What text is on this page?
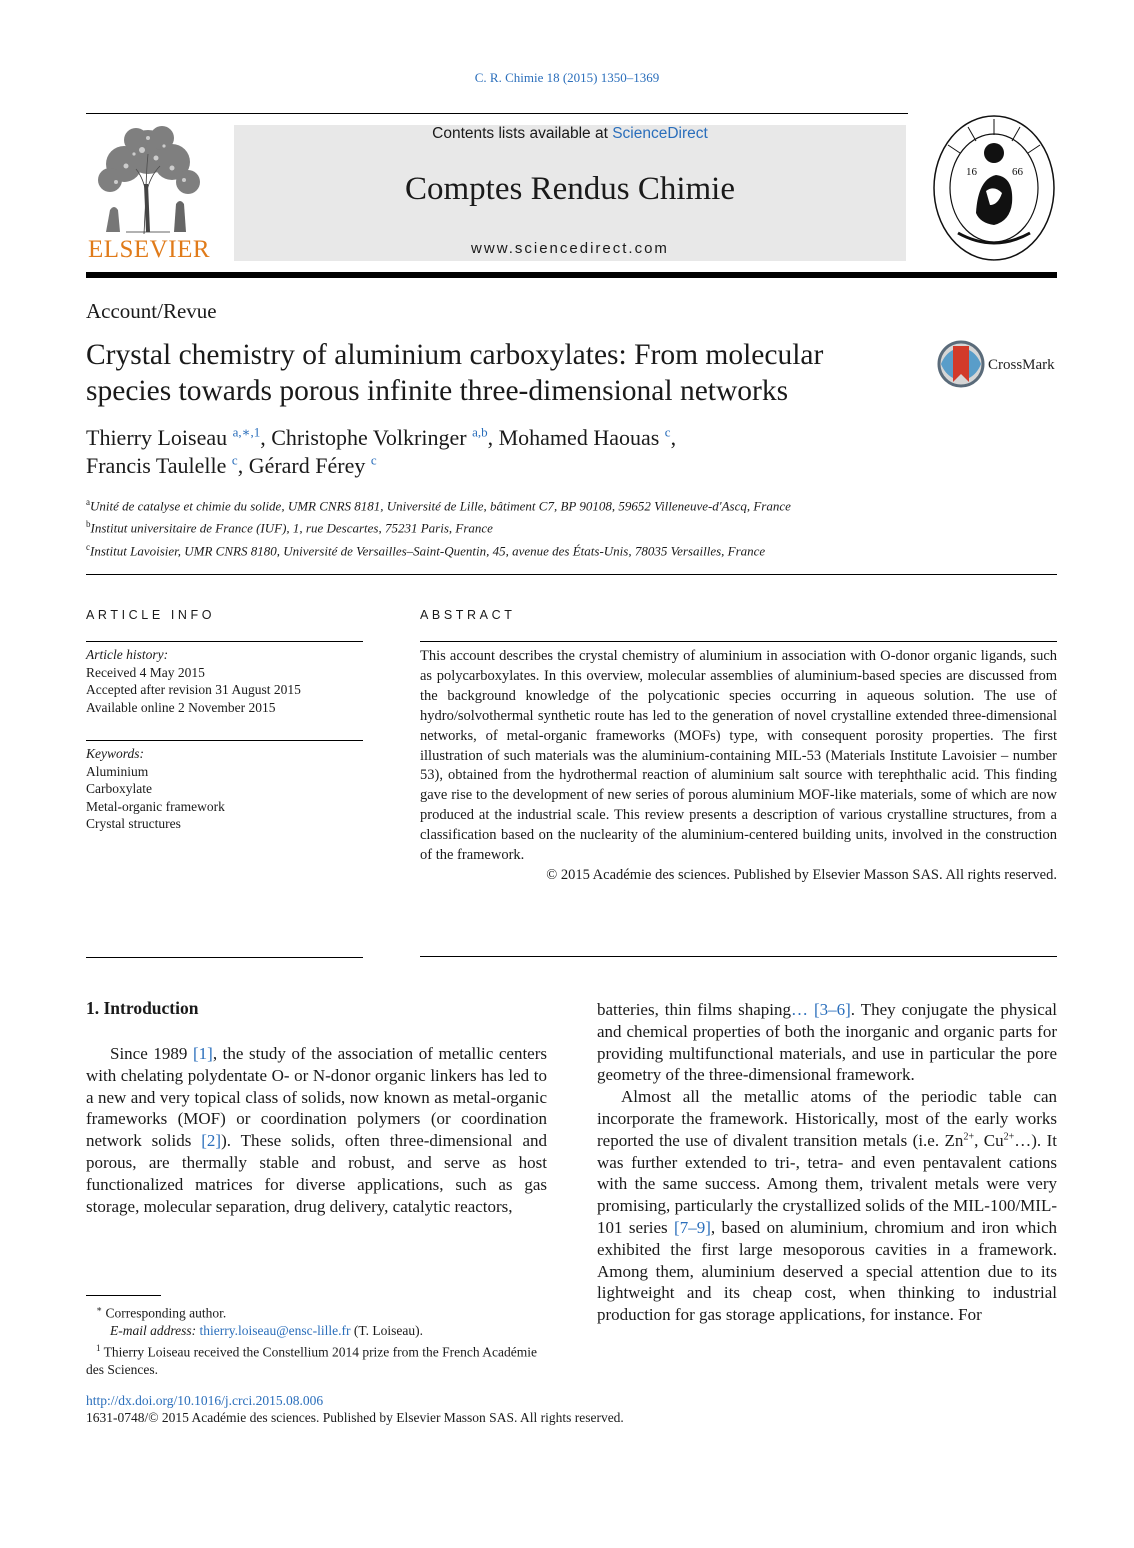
C. R. Chimie 18 (2015) 1350–1369
ELSEVIER
Contents lists available at ScienceDirect
Comptes Rendus Chimie
www.sciencedirect.com
16	66
INSTITUT DE FRANCE · ACADEMIE DES SCIENCES · 1666
Account/Revue
Crystal chemistry of aluminium carboxylates: From molecular
species towards porous infinite three-dimensional networks
CrossMark
Thierry Loiseau $^{a,∗,1}$, Christophe Volkringer $^{a,b}$, Mohamed Haouas $^c$,
Francis Taulelle $^c$, Gérard Férey $^c$
$^a$Unité de catalyse et chimie du solide, UMR CNRS 8181, Université de Lille, bâtiment C7, BP 90108, 59652 Villeneuve-d'Ascq, France
$^b$Institut universitaire de France (IUF), 1, rue Descartes, 75231 Paris, France
$^c$Institut Lavoisier, UMR CNRS 8180, Université de Versailles–Saint-Quentin, 45, avenue des États-Unis, 78035 Versailles, France
ARTICLE INFO	ABSTRACT
Article history:
Received 4 May 2015
Accepted after revision 31 August 2015
Available online 2 November 2015
Keywords:
Aluminium
Carboxylate
Metal-organic framework
Crystal structures
This account describes the crystal chemistry of aluminium in association with O-donor organic ligands, such as polycarboxylates. In this overview, molecular assemblies of aluminium-based species are discussed from the background knowledge of the polycationic species occurring in aqueous solution. The use of hydro/solvothermal synthetic route has led to the generation of novel crystalline extended three-dimensional networks, of metal-organic frameworks (MOFs) type, with consequent porosity properties. The first illustration of such materials was the aluminium-containing MIL-53 (Materials Institute Lavoisier – number 53), obtained from the hydrothermal reaction of aluminium salt source with terephthalic acid. This finding gave rise to the development of new series of porous aluminium MOF-like materials, some of which are now produced at the industrial scale. This review presents a description of various crystalline structures, from a classification based on the nuclearity of the aluminium-centered building units, involved in the construction of the framework.
© 2015 Académie des sciences. Published by Elsevier Masson SAS. All rights reserved.
1. Introduction

Since 1989 [1], the study of the association of metallic centers with chelating polydentate O- or N-donor organic linkers has led to a new and very topical class of solids, now known as metal-organic frameworks (MOF) or coordination polymers (or coordination network solids [2]). These solids, often three-dimensional and porous, are thermally stable and robust, and serve as host functionalized matrices for diverse applications, such as gas storage, molecular separation, drug delivery, catalytic reactors,

batteries, thin films shaping… [3–6]. They conjugate the physical and chemical properties of both the inorganic and organic parts for providing multifunctional materials, and use in particular the pore geometry of the three-dimensional framework.

Almost all the metallic atoms of the periodic table can incorporate the framework. Historically, most of the early works reported the use of divalent transition metals (i.e. $Zn^{2+}$, $Cu^{2+}\dots$). It was further extended to tri-, tetra- and even pentavalent cations with the same success. Among them, trivalent metals were very promising, particularly the crystallized solids of the MIL-100/MIL-101 series [7–9], based on aluminium, chromium and iron which exhibited the first large mesoporous cavities in a framework. Among them, aluminium deserved a special attention due to its lightweight and its cheap cost, when thinking to industrial production for gas storage applications, for instance. For

∗ Corresponding author.
E-mail address: thierry.loiseau@ensc-lille.fr (T. Loiseau).
$^1$ Thierry Loiseau received the Constellium 2014 prize from the French Académie des Sciences.
http://dx.doi.org/10.1016/j.crci.2015.08.006
1631-0748/© 2015 Académie des sciences. Published by Elsevier Masson SAS. All rights reserved.
